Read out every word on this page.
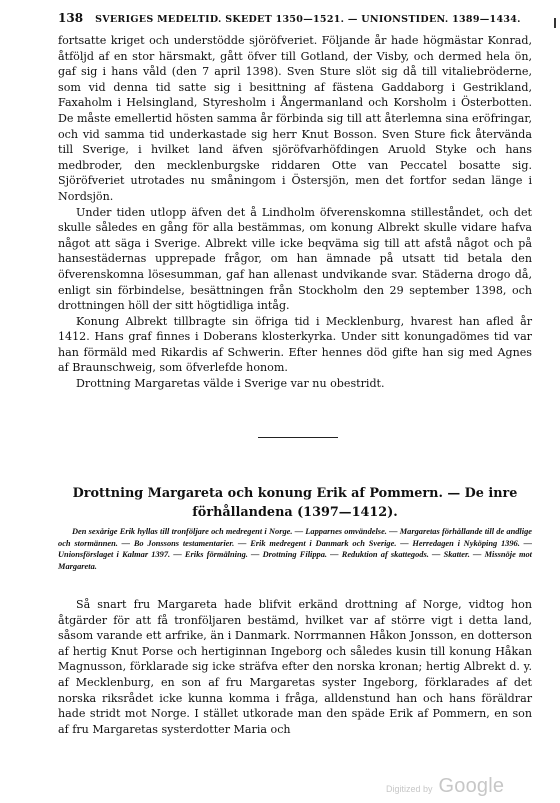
138 SVERIGES MEDELTID. SKEDET 1350—1521. — UNIONSTIDEN. 1389—1434.

fortsatte kriget och understödde sjöröfveriet. Följande år hade högmästar Konrad, åtföljd af en stor härsmakt, gått öfver till Gotland, der Visby, och dermed hela ön, gaf sig i hans våld (den 7 april 1398). Sven Sture slöt sig då till vitaliebröderne, som vid denna tid satte sig i besittning af fästena Gaddaborg i Gestrikland, Faxaholm i Helsingland, Styresholm i Ångermanland och Korsholm i Österbotten. De måste emellertid hösten samma år förbinda sig till att återlemna sina eröfringar, och vid samma tid underkastade sig herr Knut Bosson. Sven Sture fick återvända till Sverige, i hvilket land äfven sjöröfvarhöfdingen Aruold Styke och hans medbroder, den mecklenburgske riddaren Otte van Peccatel bosatte sig. Sjöröfveriet utrotades nu småningom i Östersjön, men det fortfor sedan länge i Nordsjön.

Under tiden utlopp äfven det å Lindholm öfverenskomna stilleståndet, och det skulle således en gång för alla bestämmas, om konung Albrekt skulle vidare hafva något att säga i Sverige. Albrekt ville icke beqväma sig till att afstå något och på hansestädernas upprepade frågor, om han ämnade på utsatt tid betala den öfverenskomna lösesumman, gaf han allenast undvikande svar. Städerna drogo då, enligt sin förbindelse, besättningen från Stockholm den 29 september 1398, och drottningen höll der sitt högtidliga intåg.

Konung Albrekt tillbragte sin öfriga tid i Mecklenburg, hvarest han afled år 1412. Hans graf finnes i Doberans klosterkyrka. Under sitt konungadömes tid var han förmäld med Rikardis af Schwerin. Efter hennes död gifte han sig med Agnes af Braunschweig, som öfverlefde honom.

Drottning Margaretas välde i Sverige var nu obestridt.

Drottning Margareta och konung Erik af Pommern. — De inre förhållandena (1397—1412).
Den sexårige Erik hyllas till tronföljare och medregent i Norge. — Lapparnes omvändelse. — Margaretas förhållande till de andlige och stormännen. — Bo Jonssons testamentarier. — Erik medregent i Danmark och Sverige. — Herredagen i Nyköping 1396. — Unionsförslaget i Kalmar 1397. — Eriks förmälning. — Drottning Filippa. — Reduktion af skattegods. — Skatter. — Missnöje mot Margareta.

Så snart fru Margareta hade blifvit erkänd drottning af Norge, vidtog hon åtgärder för att få tronföljaren bestämd, hvilket var af större vigt i detta land, såsom varande ett arfrike, än i Danmark. Norrmannen Håkon Jonsson, en dotterson af hertig Knut Porse och hertiginnan Ingeborg och således kusin till konung Håkan Magnusson, förklarade sig icke sträfva efter den norska kronan; hertig Albrekt d. y. af Mecklenburg, en son af fru Margaretas syster Ingeborg, förklarades af det norska riksrådet icke kunna komma i fråga, alldenstund han och hans föräldrar hade stridt mot Norge. I stället utkorade man den späde Erik af Pommern, en son af fru Margaretas systerdotter Maria och

Digitized by Google
